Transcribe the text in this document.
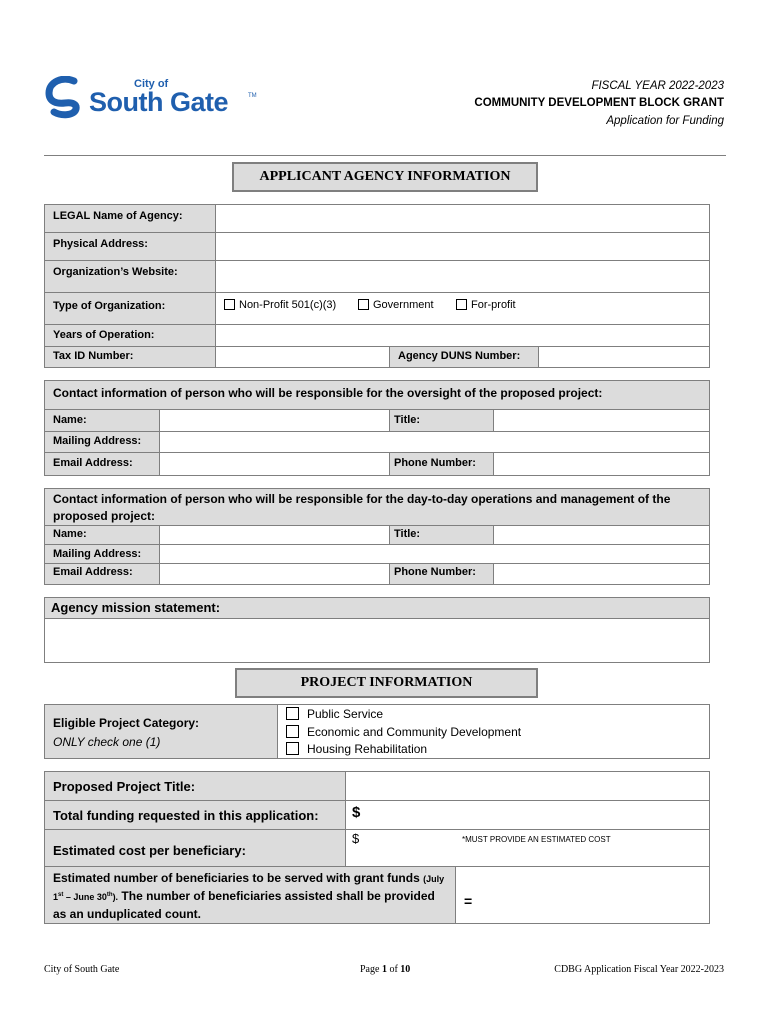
City of
South Gate	TM
FISCAL YEAR 2022-2023
COMMUNITY DEVELOPMENT BLOCK GRANT
Application for Funding
APPLICANT AGENCY INFORMATION
LEGAL Name of Agency:
Physical Address:
Organization’s Website:
Type of Organization:	Non-Profit 501(c)(3)	Government	For-profit
Years of Operation:
Tax ID Number:	Agency DUNS Number:
Contact information of person who will be responsible for the oversight of the proposed project:
Name:	Title:
Mailing Address:
Email Address:	Phone Number:
Contact information of person who will be responsible for the day-to-day operations and management of the
proposed project:
Name:	Title:
Mailing Address:
Email Address:	Phone Number:
Agency mission statement:
PROJECT INFORMATION
Eligible Project Category:
ONLY check one (1)
Public Service
Economic and Community Development
Housing Rehabilitation
Proposed Project Title:
Total funding requested in this application: $
Estimated cost per beneficiary:
$	*MUST PROVIDE AN ESTIMATED COST
Estimated number of beneficiaries to be served with grant funds (July
1st – June 30th). The number of beneficiaries assisted shall be provided
as an unduplicated count.
=
City of South Gate	Page 1 of 10	CDBG Application Fiscal Year 2022-2023
